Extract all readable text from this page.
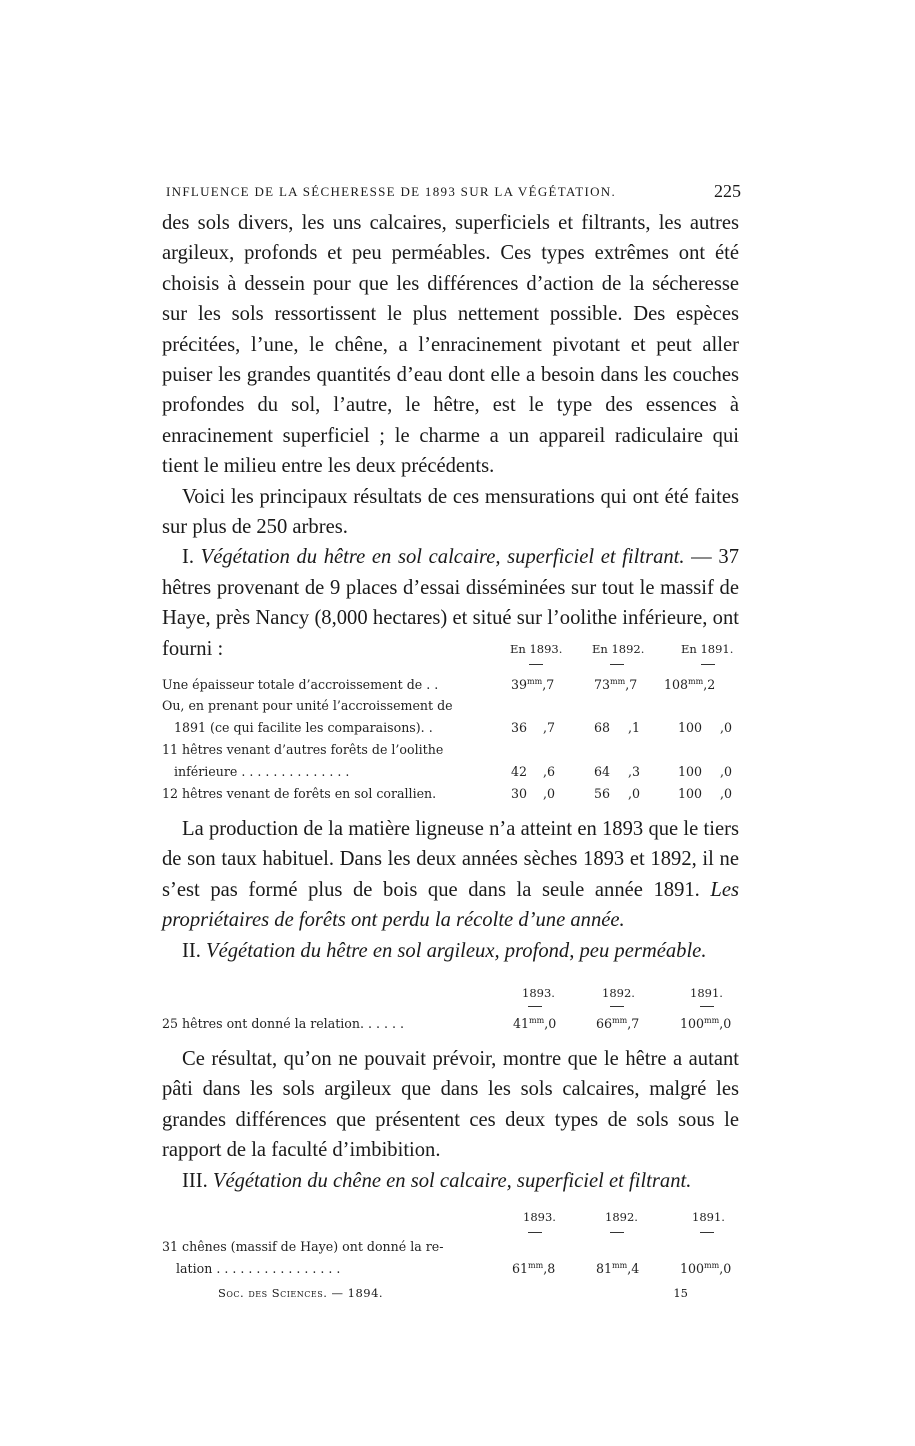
INFLUENCE DE LA SÉCHERESSE DE 1893 SUR LA VÉGÉTATION.	225

des sols divers, les uns calcaires, superficiels et filtrants, les autres argileux, profonds et peu perméables. Ces types extrêmes ont été choisis à dessein pour que les différences d’action de la sécheresse sur les sols ressortissent le plus nettement possible. Des espèces précitées, l’une, le chêne, a l’enracinement pivotant et peut aller puiser les grandes quantités d’eau dont elle a besoin dans les couches profondes du sol, l’autre, le hêtre, est le type des essences à enracinement superficiel ; le charme a un appareil radiculaire qui tient le milieu entre les deux précédents.

Voici les principaux résultats de ces mensurations qui ont été faites sur plus de 250 arbres.

I. Végétation du hêtre en sol calcaire, superficiel et filtrant. — 37 hêtres provenant de 9 places d’essai disséminées sur tout le massif de Haye, près Nancy (8,000 hectares) et situé sur l’oolithe inférieure, ont fourni :	En 1893.	En 1892.	En 1891.
Une épaisseur totale d’accroissement de . .	$39^{mm},7$	$73^{mm},7$ $108^{mm},2$
Ou, en prenant pour unité l’accroissement de
1891 (ce qui facilite les comparaisons). .	36 ,7	68 ,1	100 ,0
11 hêtres venant d’autres forêts de l’oolithe
inférieure . . . . . . . . . . . . . .	42 ,6	64 ,3	100 ,0
12 hêtres venant de forêts en sol corallien.	30 ,0	56 ,0	100 ,0

La production de la matière ligneuse n’a atteint en 1893 que le tiers de son taux habituel. Dans les deux années sèches 1893 et 1892, il ne s’est pas formé plus de bois que dans la seule année 1891. Les propriétaires de forêts ont perdu la récolte d’une année.

II. Végétation du hêtre en sol argileux, profond, peu perméable.

1893.	1892.	1891.
25 hêtres ont donné la relation. . . . . .	$41^{mm},0$	$66^{mm},7$	$100^{mm},0$

Ce résultat, qu’on ne pouvait prévoir, montre que le hêtre a autant pâti dans les sols argileux que dans les sols calcaires, malgré les grandes différences que présentent ces deux types de sols sous le rapport de la faculté d’imbibition.

III. Végétation du chêne en sol calcaire, superficiel et filtrant.

1893.	1892.	1891.
31 chênes (massif de Haye) ont donné la re-
lation . . . . . . . . . . . . . . . .	$61^{mm},8$	$81^{mm},4$	$100^{mm},0$
Soc. des Sciences. — 1894.	15
